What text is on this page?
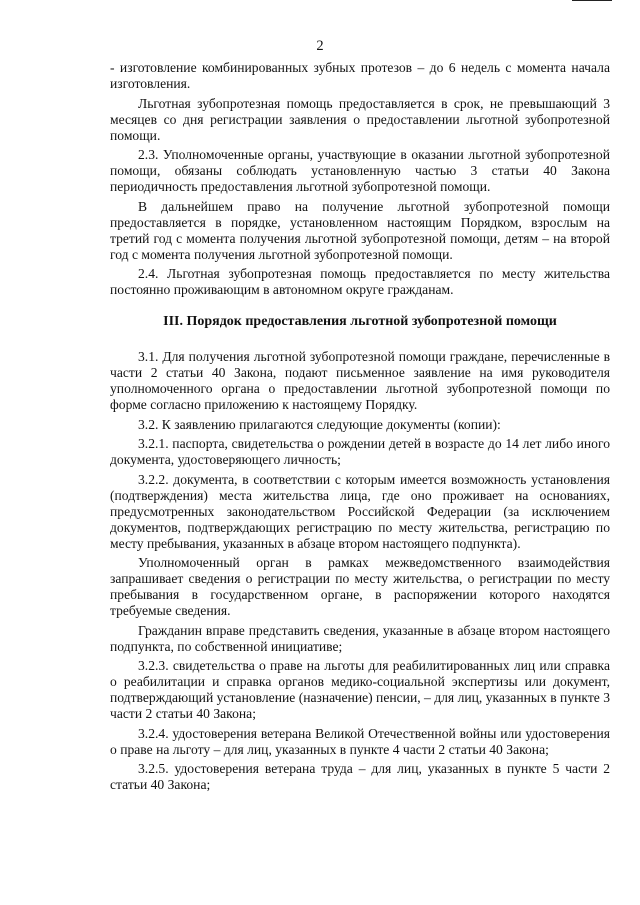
2

- изготовление комбинированных зубных протезов – до 6 недель с момента начала изготовления.

Льготная зубопротезная помощь предоставляется в срок, не превышающий 3 месяцев со дня регистрации заявления о предоставлении льготной зубопротезной помощи.

2.3. Уполномоченные органы, участвующие в оказании льготной зубопротезной помощи, обязаны соблюдать установленную частью 3 статьи 40 Закона периодичность предоставления льготной зубопротезной помощи.

В дальнейшем право на получение льготной зубопротезной помощи предоставляется в порядке, установленном настоящим Порядком, взрослым на третий год с момента получения льготной зубопротезной помощи, детям – на второй год с момента получения льготной зубопротезной помощи.

2.4. Льготная зубопротезная помощь предоставляется по месту жительства постоянно проживающим в автономном округе гражданам.

III. Порядок предоставления льготной зубопротезной помощи

3.1. Для получения льготной зубопротезной помощи граждане, перечисленные в части 2 статьи 40 Закона, подают письменное заявление на имя руководителя уполномоченного органа о предоставлении льготной зубопротезной помощи по форме согласно приложению к настоящему Порядку.

3.2. К заявлению прилагаются следующие документы (копии):

3.2.1. паспорта, свидетельства о рождении детей в возрасте до 14 лет либо иного документа, удостоверяющего личность;

3.2.2. документа, в соответствии с которым имеется возможность установления (подтверждения) места жительства лица, где оно проживает на основаниях, предусмотренных законодательством Российской Федерации (за исключением документов, подтверждающих регистрацию по месту жительства, регистрацию по месту пребывания, указанных в абзаце втором настоящего подпункта).

Уполномоченный орган в рамках межведомственного взаимодействия запрашивает сведения о регистрации по месту жительства, о регистрации по месту пребывания в государственном органе, в распоряжении которого находятся требуемые сведения.

Гражданин вправе представить сведения, указанные в абзаце втором настоящего подпункта, по собственной инициативе;

3.2.3. свидетельства о праве на льготы для реабилитированных лиц или справка о реабилитации и справка органов медико-социальной экспертизы или документ, подтверждающий установление (назначение) пенсии, – для лиц, указанных в пункте 3 части 2 статьи 40 Закона;

3.2.4. удостоверения ветерана Великой Отечественной войны или удостоверения о праве на льготу – для лиц, указанных в пункте 4 части 2 статьи 40 Закона;

3.2.5. удостоверения ветерана труда – для лиц, указанных в пункте 5 части 2 статьи 40 Закона;
